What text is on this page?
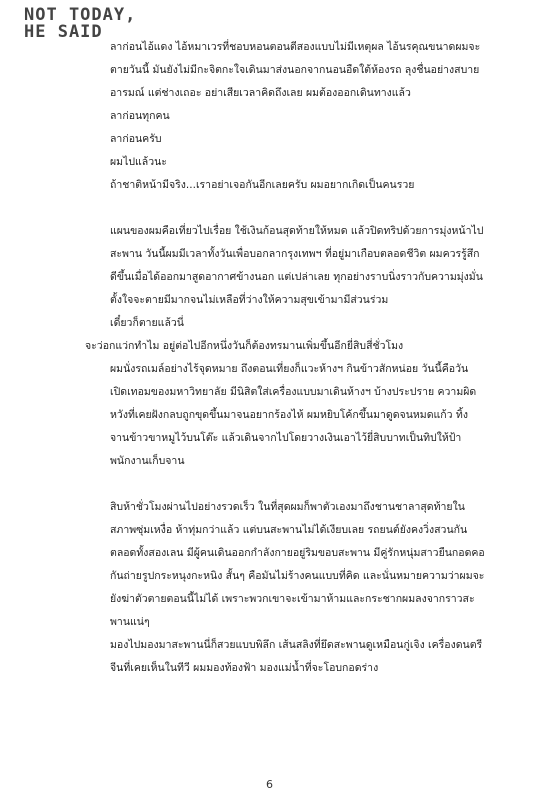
NOT TODAY,
HE SAID

ลาก่อนไอ้แดง ไอ้หมาเวรที่ชอบหอนตอนตีสองแบบไม่มีเหตุผล ไอ้นรคุณขนาดผมจะตายวันนี้ มันยังไม่มีกะจิตกะใจเดินมาส่งนอกจากนอนอืดใต้ห้องรถ ลุงชื่นอย่างสบายอารมณ์ แต่ช่างเถอะ อย่าเสียเวลาคิดถึงเลย ผมต้องออกเดินทางแล้ว

ลาก่อนทุกคน

ลาก่อนครับ

ผมไปแล้วนะ

ถ้าชาติหน้ามีจริง...เราอย่าเจอกันอีกเลยครับ ผมอยากเกิดเป็นคนรวย

แผนของผมคือเที่ยวไปเรื่อย ใช้เงินก้อนสุดท้ายให้หมด แล้วปิดทริปด้วยการมุ่งหน้าไปสะพาน วันนี้ผมมีเวลาทั้งวันเพื่อบอกลากรุงเทพฯ ที่อยู่มาเกือบตลอดชีวิต ผมควรรู้สึกดีขึ้นเมื่อได้ออกมาสูดอากาศข้างนอก แต่เปล่าเลย ทุกอย่างราบนิ่งราวกับความมุ่งมั่นตั้งใจจะตายมีมากจนไม่เหลือที่ว่างให้ความสุขเข้ามามีส่วนร่วม

เดี๋ยวก็ตายแล้วนี่

จะว่อกแว่กทำไม อยู่ต่อไปอีกหนึ่งวันก็ต้องทรมานเพิ่มขึ้นอีกยี่สิบสี่ชั่วโมง

ผมนั่งรถเมล์อย่างไร้จุดหมาย ถึงตอนเที่ยงก็แวะห้างฯ กินข้าวสักหน่อย วันนี้คือวันเปิดเทอมของมหาวิทยาลัย มีนิสิตใส่เครื่องแบบมาเดินห้างฯ บ้างประปราย ความผิดหวังที่เคยฝังกลบถูกขุดขึ้นมาจนอยากร้องไห้ ผมหยิบโค้กขึ้นมาดูดจนหมดแก้ว ทิ้งจานข้าวขาหมูไว้บนโต๊ะ แล้วเดินจากไปโดยวางเงินเอาไว้ยี่สิบบาทเป็นทิปให้ป้าพนักงานเก็บจาน

สิบห้าชั่วโมงผ่านไปอย่างรวดเร็ว ในที่สุดผมก็พาตัวเองมาถึงชานชาลาสุดท้ายในสภาพซุ่มเหงื่อ ห้าทุ่มกว่าแล้ว แต่บนสะพานไม่ได้เงียบเลย รถยนต์ยังคงวิ่งสวนกันตลอดทั้งสองเลน มีผู้คนเดินออกกำลังกายอยู่ริมขอบสะพาน มีคู่รักหนุ่มสาวยืนกอดคอกันถ่ายรูปกระหนุงกะหนิง สั้นๆ คือมันไม่ร้างคนแบบที่คิด และนั่นหมายความว่าผมจะยังฆ่าตัวตายตอนนี้ไม่ได้ เพราะพวกเขาจะเข้ามาห้ามและกระชากผมลงจากราวสะพานแน่ๆ

มองไปมองมาสะพานนี่ก็สวยแบบพิลึก เส้นสลิงที่ยึดสะพานดูเหมือนกู่เจิง เครื่องดนตรีจีนที่เคยเห็นในทีวี ผมมองท้องฟ้า มองแม่น้ำที่จะโอบกอดร่าง

6
